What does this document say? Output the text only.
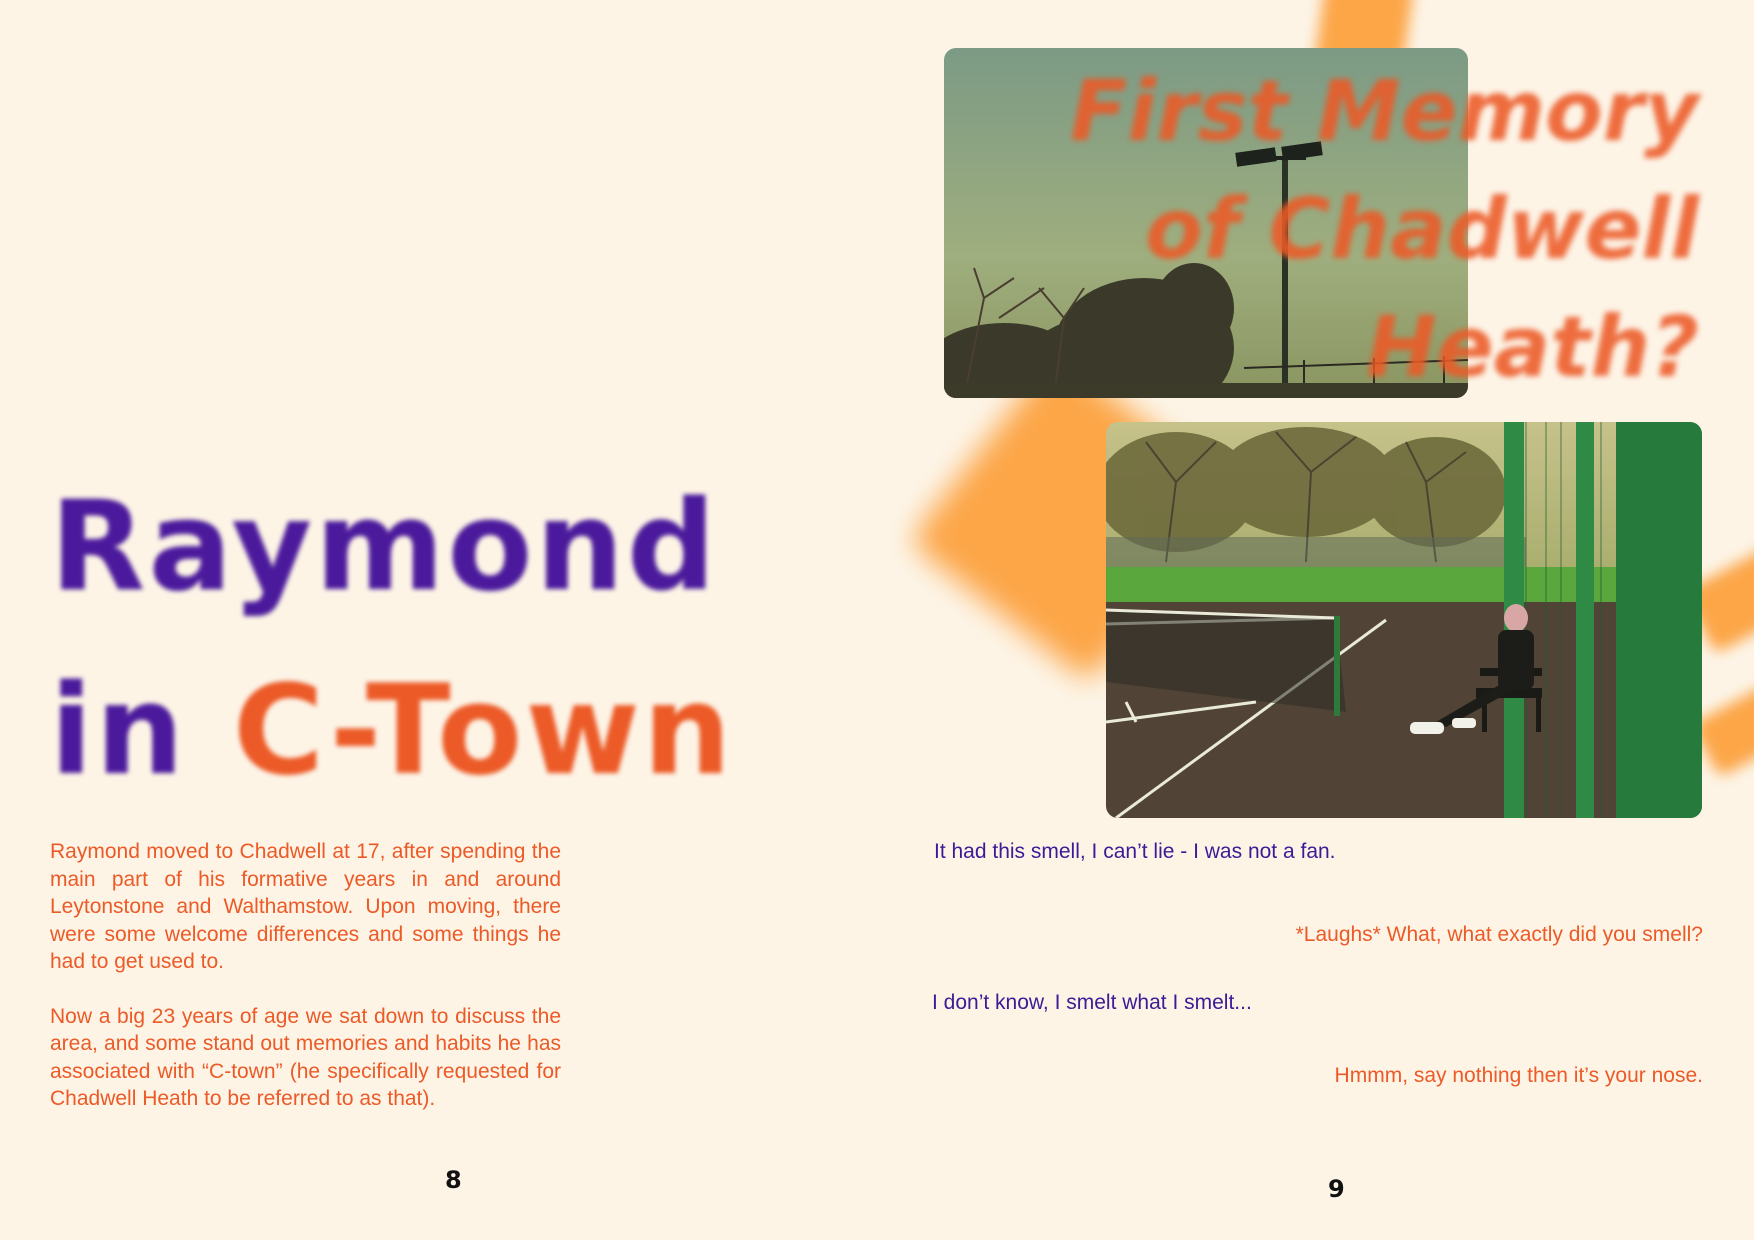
Raymond
in C-Town

Raymond moved to Chadwell at 17, after spending the main part of his formative years in and around Leytonstone and Walthamstow. Upon moving, there were some welcome differences and some things he had to get used to.

Now a big 23 years of age we sat down to discuss the area, and some stand out memories and habits he has associated with “C-town” (he specifically requested for Chadwell Heath to be referred to as that).

8
First Memory
of Chadwell
Heath?

It had this smell, I can’t lie - I was not a fan.

*Laughs* What, what exactly did you smell?

I don’t know, I smelt what I smelt...

Hmmm, say nothing then it’s your nose.

9
